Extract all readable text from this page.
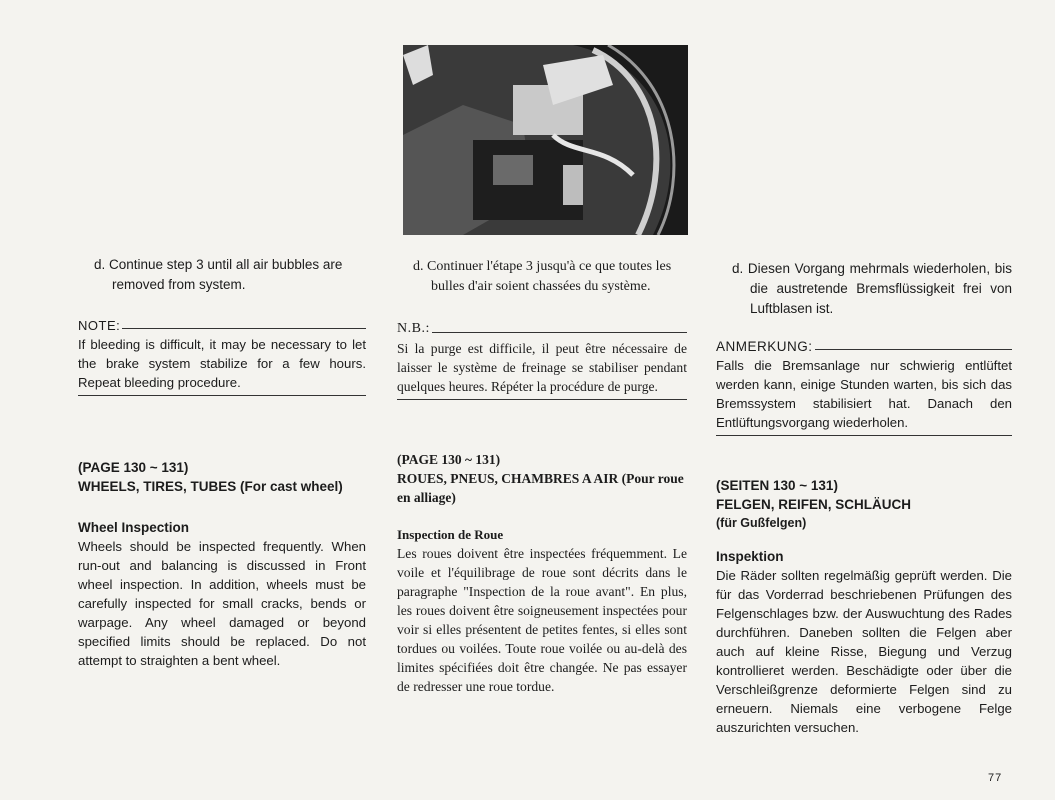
d. Continue step 3 until all air bubbles are removed from system.
NOTE:
If bleeding is difficult, it may be necessary to let the brake system stabilize for a few hours. Repeat bleeding procedure.
(PAGE 130 ~ 131)
WHEELS, TIRES, TUBES (For cast wheel)
Wheel Inspection
Wheels should be inspected frequently. When run-out and balancing is discussed in Front wheel inspection. In addition, wheels must be carefully inspected for small cracks, bends or warpage. Any wheel damaged or beyond specified limits should be replaced. Do not attempt to straighten a bent wheel.
d. Continuer l'étape 3 jusqu'à ce que toutes les bulles d'air soient chassées du système.
N.B.:
Si la purge est difficile, il peut être nécessaire de laisser le système de freinage se stabiliser pendant quelques heures. Répéter la procédure de purge.
(PAGE 130 ~ 131)
ROUES, PNEUS, CHAMBRES A AIR (Pour roue en alliage)
Inspection de Roue
Les roues doivent être inspectées fréquemment. Le voile et l'équilibrage de roue sont décrits dans le paragraphe "Inspection de la roue avant". En plus, les roues doivent être soigneusement inspectées pour voir si elles présentent de petites fentes, si elles sont tordues ou voilées. Toute roue voilée ou au-delà des limites spécifiées doit être changée. Ne pas essayer de redresser une roue tordue.
d. Diesen Vorgang mehrmals wiederholen, bis die austretende Bremsflüssigkeit frei von Luftblasen ist.
ANMERKUNG:
Falls die Bremsanlage nur schwierig entlüftet werden kann, einige Stunden warten, bis sich das Bremssystem stabilisiert hat. Danach den Entlüftungsvorgang wiederholen.
(SEITEN 130 ~ 131)
FELGEN, REIFEN, SCHLÄUCH
(für Gußfelgen)
Inspektion
Die Räder sollten regelmäßig geprüft werden. Die für das Vorderrad beschriebenen Prüfungen des Felgenschlages bzw. der Auswuchtung des Rades durchführen. Daneben sollten die Felgen aber auch auf kleine Risse, Biegung und Verzug kontrollieret werden. Beschädigte oder über die Verschleißgrenze deformierte Felgen sind zu erneuern. Niemals eine verbogene Felge auszurichten versuchen.
77
